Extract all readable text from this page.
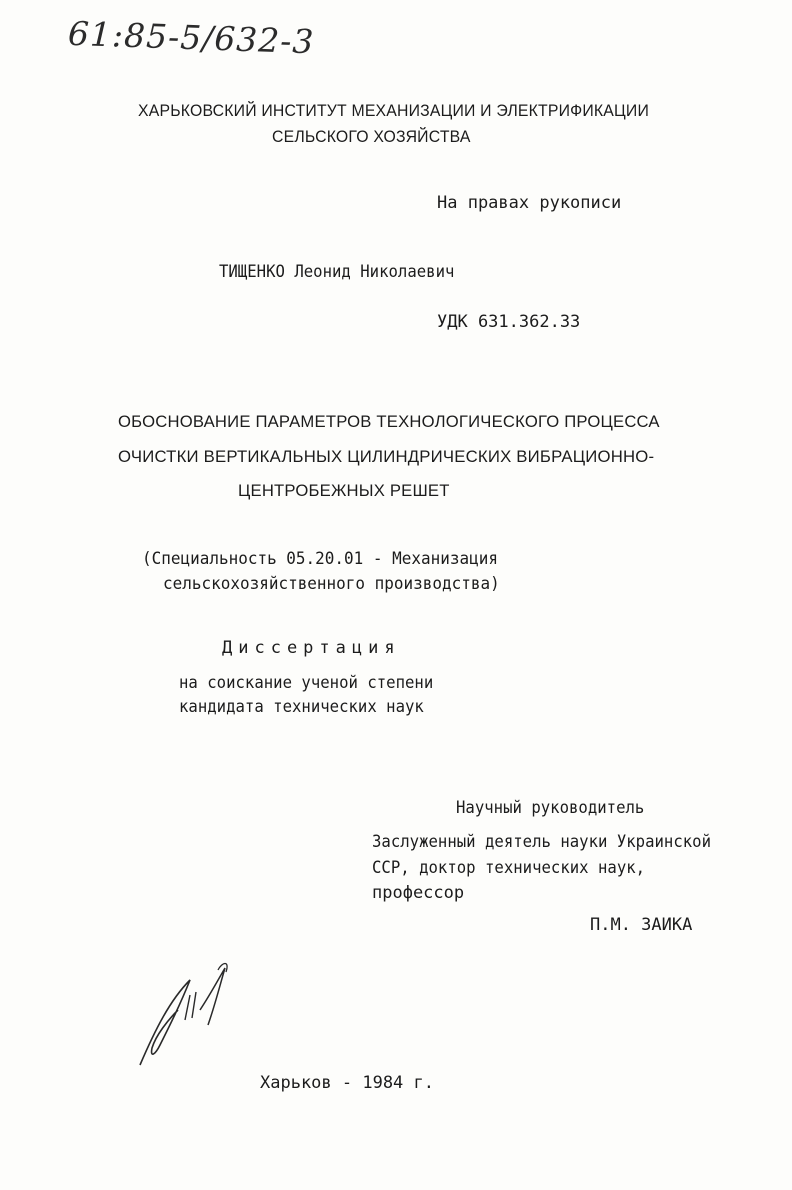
61:85-5/632-3
ХАРЬКОВСКИЙ ИНСТИТУТ МЕХАНИЗАЦИИ И ЭЛЕКТРИФИКАЦИИ
СЕЛЬСКОГО ХОЗЯЙСТВА
На правах рукописи
ТИЩЕНКО Леонид Николаевич
УДК 631.362.33
ОБОСНОВАНИЕ ПАРАМЕТРОВ ТЕХНОЛОГИЧЕСКОГО ПРОЦЕССА
ОЧИСТКИ ВЕРТИКАЛЬНЫХ ЦИЛИНДРИЧЕСКИХ ВИБРАЦИОННО-
ЦЕНТРОБЕЖНЫХ РЕШЕТ
(Специальность 05.20.01 - Механизация
сельскохозяйственного производства)
Диссертация
на соискание ученой степени
кандидата технических наук
Научный руководитель
Заслуженный деятель науки Украинской
ССР, доктор технических наук,
профессор
П.М. ЗАИКА
Харьков - 1984 г.
